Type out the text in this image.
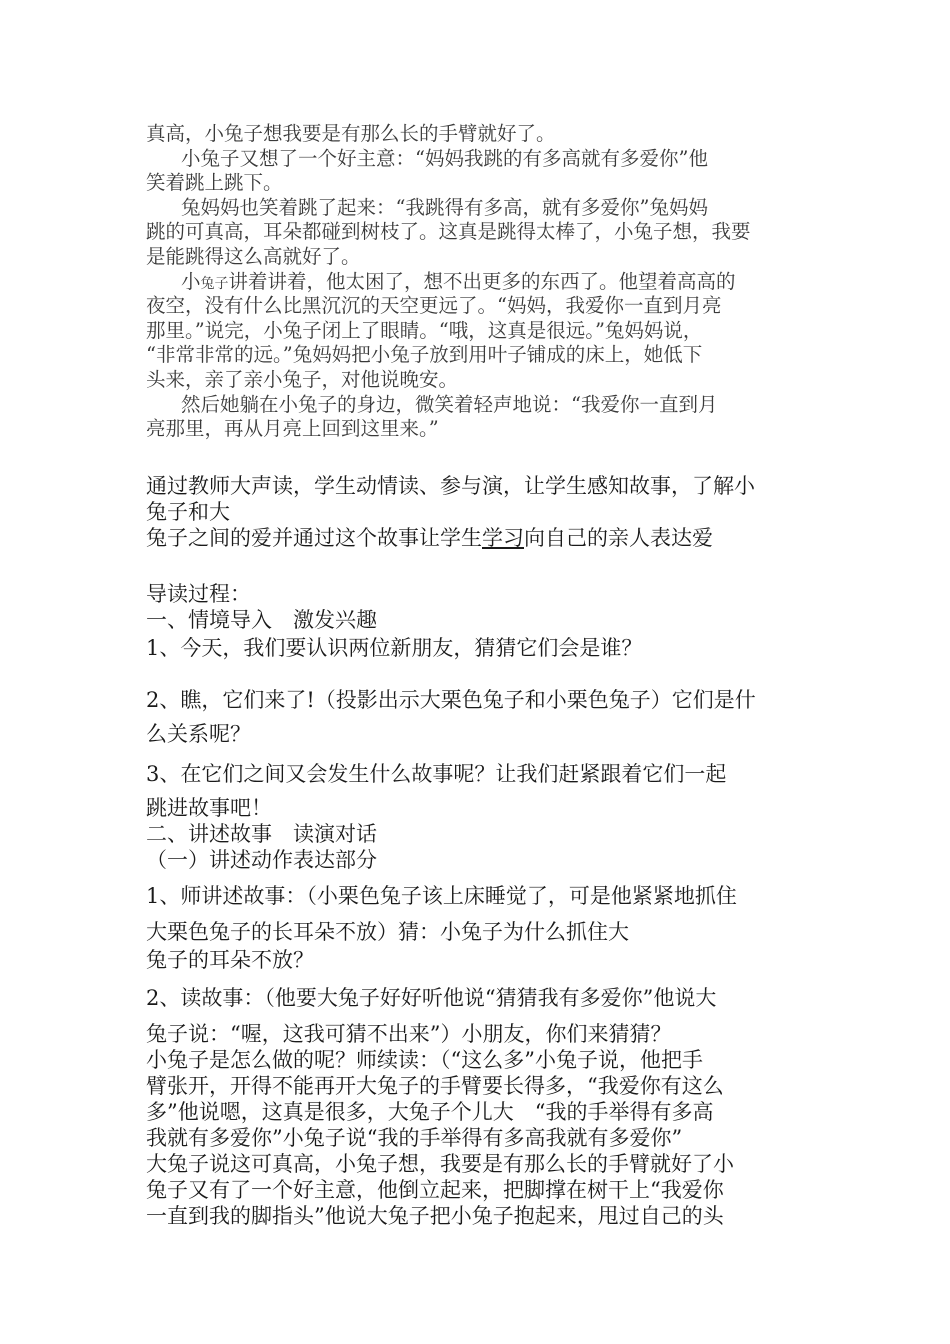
真高，小兔子想我要是有那么长的手臂就好了。
小兔子又想了一个好主意：“妈妈我跳的有多高就有多爱你”他
笑着跳上跳下。
兔妈妈也笑着跳了起来：“我跳得有多高，就有多爱你”兔妈妈
跳的可真高，耳朵都碰到树枝了。这真是跳得太棒了，小兔子想，我要
是能跳得这么高就好了。
小兔子讲着讲着，他太困了，想不出更多的东西了。他望着高高的
夜空，没有什么比黑沉沉的天空更远了。“妈妈，我爱你一直到月亮
那里。”说完，小兔子闭上了眼睛。“哦，这真是很远。”兔妈妈说，
“非常非常的远。”兔妈妈把小兔子放到用叶子铺成的床上，她低下
头来，亲了亲小兔子，对他说晚安。
然后她躺在小兔子的身边，微笑着轻声地说：“我爱你一直到月
亮那里，再从月亮上回到这里来。”
通过教师大声读，学生动情读、参与演，让学生感知故事，了解小
兔子和大
兔子之间的爱并通过这个故事让学生学习向自己的亲人表达爱
导读过程：
一、情境导入　激发兴趣
1、今天，我们要认识两位新朋友，猜猜它们会是谁？
2、瞧，它们来了!（投影出示大栗色兔子和小栗色兔子）它们是什
么关系呢？
3、在它们之间又会发生什么故事呢？让我们赶紧跟着它们一起
跳进故事吧！
二、讲述故事　读演对话
（一）讲述动作表达部分
1、师讲述故事：（小栗色兔子该上床睡觉了，可是他紧紧地抓住
大栗色兔子的长耳朵不放）猜：小兔子为什么抓住大
兔子的耳朵不放？
2、读故事：（他要大兔子好好听他说“猜猜我有多爱你”他说大
兔子说：“喔，这我可猜不出来”）小朋友，你们来猜猜？
小兔子是怎么做的呢？师续读：（“这么多”小兔子说，他把手
臂张开，开得不能再开大兔子的手臂要长得多，“我爱你有这么
多”他说嗯，这真是很多，大兔子个儿大　“我的手举得有多高
我就有多爱你”小兔子说“我的手举得有多高我就有多爱你”
大兔子说这可真高，小兔子想，我要是有那么长的手臂就好了小
兔子又有了一个好主意，他倒立起来，把脚撑在树干上“我爱你
一直到我的脚指头”他说大兔子把小兔子抱起来，甩过自己的头
